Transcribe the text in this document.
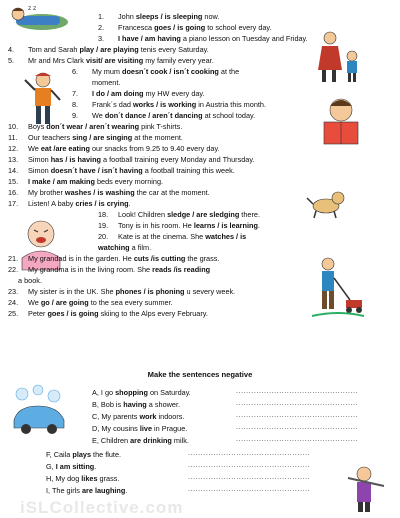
z z
1. John sleeps / is sleeping now.
2. Francesca goes / is going to school every day.
3. I have / am having a piano lesson on Tuesday and Friday.
4. Tom and Sarah play / are playing tenis every Saturday.
5. Mr and Mrs Clark visit/ are visiting my family every year.
6. My mum doesn´t cook / isn´t cooking at the
moment.
7. I do / am doing my HW every day.
8. Frank´s dad works / is working in Austria this month.
9. We don´t dance / aren´t dancing at school today.
10. Boys don´t wear / aren´t wearing pink T-shirts.
11. Our teachers sing / are singing at the moment.
12. We eat /are eating our snacks from 9.25 to 9.40 every day.
13. Simon has / is having a football training every Monday and Thursday.
14. Simon doesn´t have / isn´t having a football training this week.
15. I make / am making beds every morning.
16. My brother washes / is washing the car at the moment.
17. Listen! A baby cries / is crying.
18. Look! Children sledge / are sledging there.
19. Tony is in his room. He learns / is learning.
20. Kate is at the cinema. She watches / is
watching a film.
21. My grandad is in the garden. He cuts /is cutting the grass.
22. My grandma is in the living room. She reads /is reading
a book.
23. My sister is in the UK. She phones / is phoning u severy week.
24. We go / are going to the sea every summer.
25. Peter goes / is going skiing to the Alps every February.
Make the sentences negative
A, I go shopping on Saturday.	................................................
B, Bob is having a shower.	................................................
C, My parents work indoors.	................................................
D, My cousins live in Prague.	................................................
E, Children are drinking milk.	................................................
F, Caila plays the flute.	................................................
G, I am sitting.	................................................
H, My dog likes grass.	................................................
I, The girls are laughing.	................................................
iSLCollective.com
